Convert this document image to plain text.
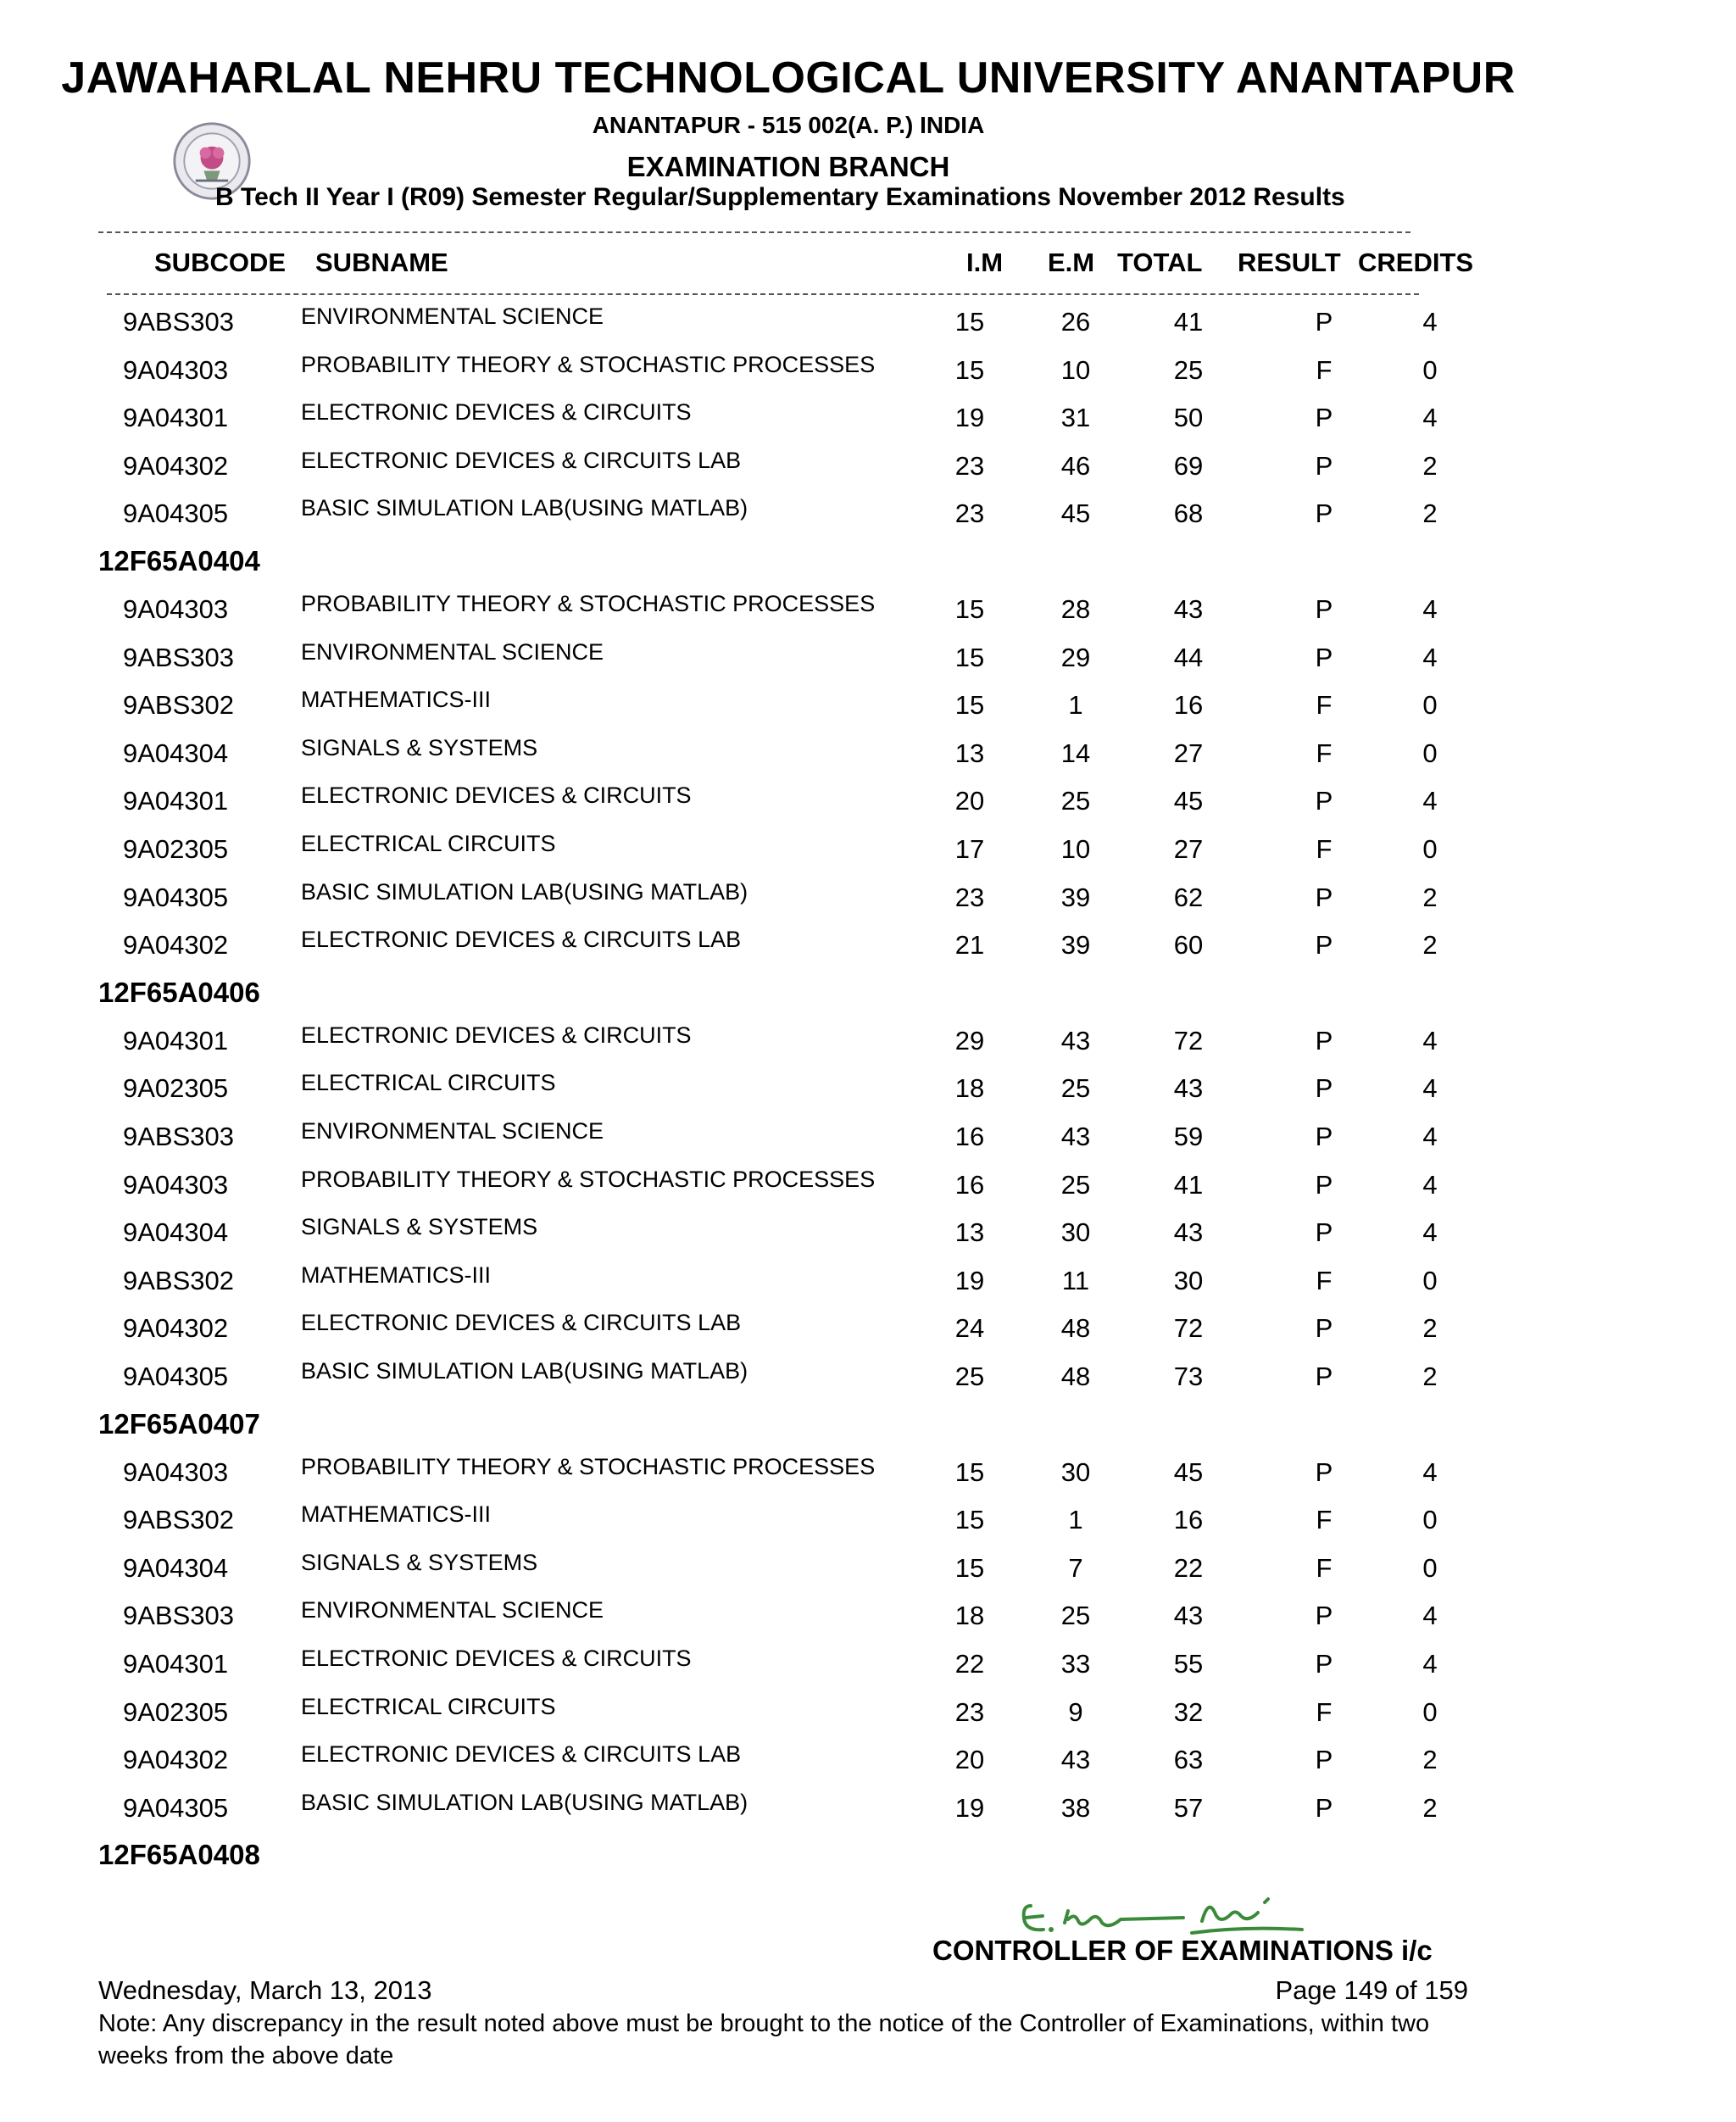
JAWAHARLAL NEHRU TECHNOLOGICAL UNIVERSITY ANANTAPUR
ANANTAPUR - 515 002(A. P.) INDIA
EXAMINATION BRANCH
B Tech II Year I (R09) Semester Regular/Supplementary Examinations November 2012 Results
SUBCODE SUBNAME	I.M E.M TOTAL RESULT CREDITS
9ABS303	ENVIRONMENTAL SCIENCE	15	26	41	P	4
9A04303	PROBABILITY THEORY & STOCHASTIC PROCESSES	15	10	25	F	0
9A04301	ELECTRONIC DEVICES & CIRCUITS	19	31	50	P	4
9A04302	ELECTRONIC DEVICES & CIRCUITS LAB	23	46	69	P	2
9A04305	BASIC SIMULATION LAB(USING MATLAB)	23	45	68	P	2
12F65A0404
9A04303	PROBABILITY THEORY & STOCHASTIC PROCESSES	15	28	43	P	4
9ABS303	ENVIRONMENTAL SCIENCE	15	29	44	P	4
9ABS302	MATHEMATICS-III	15	1	16	F	0
9A04304	SIGNALS & SYSTEMS	13	14	27	F	0
9A04301	ELECTRONIC DEVICES & CIRCUITS	20	25	45	P	4
9A02305	ELECTRICAL CIRCUITS	17	10	27	F	0
9A04305	BASIC SIMULATION LAB(USING MATLAB)	23	39	62	P	2
9A04302	ELECTRONIC DEVICES & CIRCUITS LAB	21	39	60	P	2
12F65A0406
9A04301	ELECTRONIC DEVICES & CIRCUITS	29	43	72	P	4
9A02305	ELECTRICAL CIRCUITS	18	25	43	P	4
9ABS303	ENVIRONMENTAL SCIENCE	16	43	59	P	4
9A04303	PROBABILITY THEORY & STOCHASTIC PROCESSES	16	25	41	P	4
9A04304	SIGNALS & SYSTEMS	13	30	43	P	4
9ABS302	MATHEMATICS-III	19	11	30	F	0
9A04302	ELECTRONIC DEVICES & CIRCUITS LAB	24	48	72	P	2
9A04305	BASIC SIMULATION LAB(USING MATLAB)	25	48	73	P	2
12F65A0407
9A04303	PROBABILITY THEORY & STOCHASTIC PROCESSES	15	30	45	P	4
9ABS302	MATHEMATICS-III	15	1	16	F	0
9A04304	SIGNALS & SYSTEMS	15	7	22	F	0
9ABS303	ENVIRONMENTAL SCIENCE	18	25	43	P	4
9A04301	ELECTRONIC DEVICES & CIRCUITS	22	33	55	P	4
9A02305	ELECTRICAL CIRCUITS	23	9	32	F	0
9A04302	ELECTRONIC DEVICES & CIRCUITS LAB	20	43	63	P	2
9A04305	BASIC SIMULATION LAB(USING MATLAB)	19	38	57	P	2
12F65A0408
CONTROLLER OF EXAMINATIONS i/c
Wednesday, March 13, 2013	Page 149 of 159
Note: Any discrepancy in the result noted above must be brought to the notice of the Controller of Examinations, within two weeks from the above date
